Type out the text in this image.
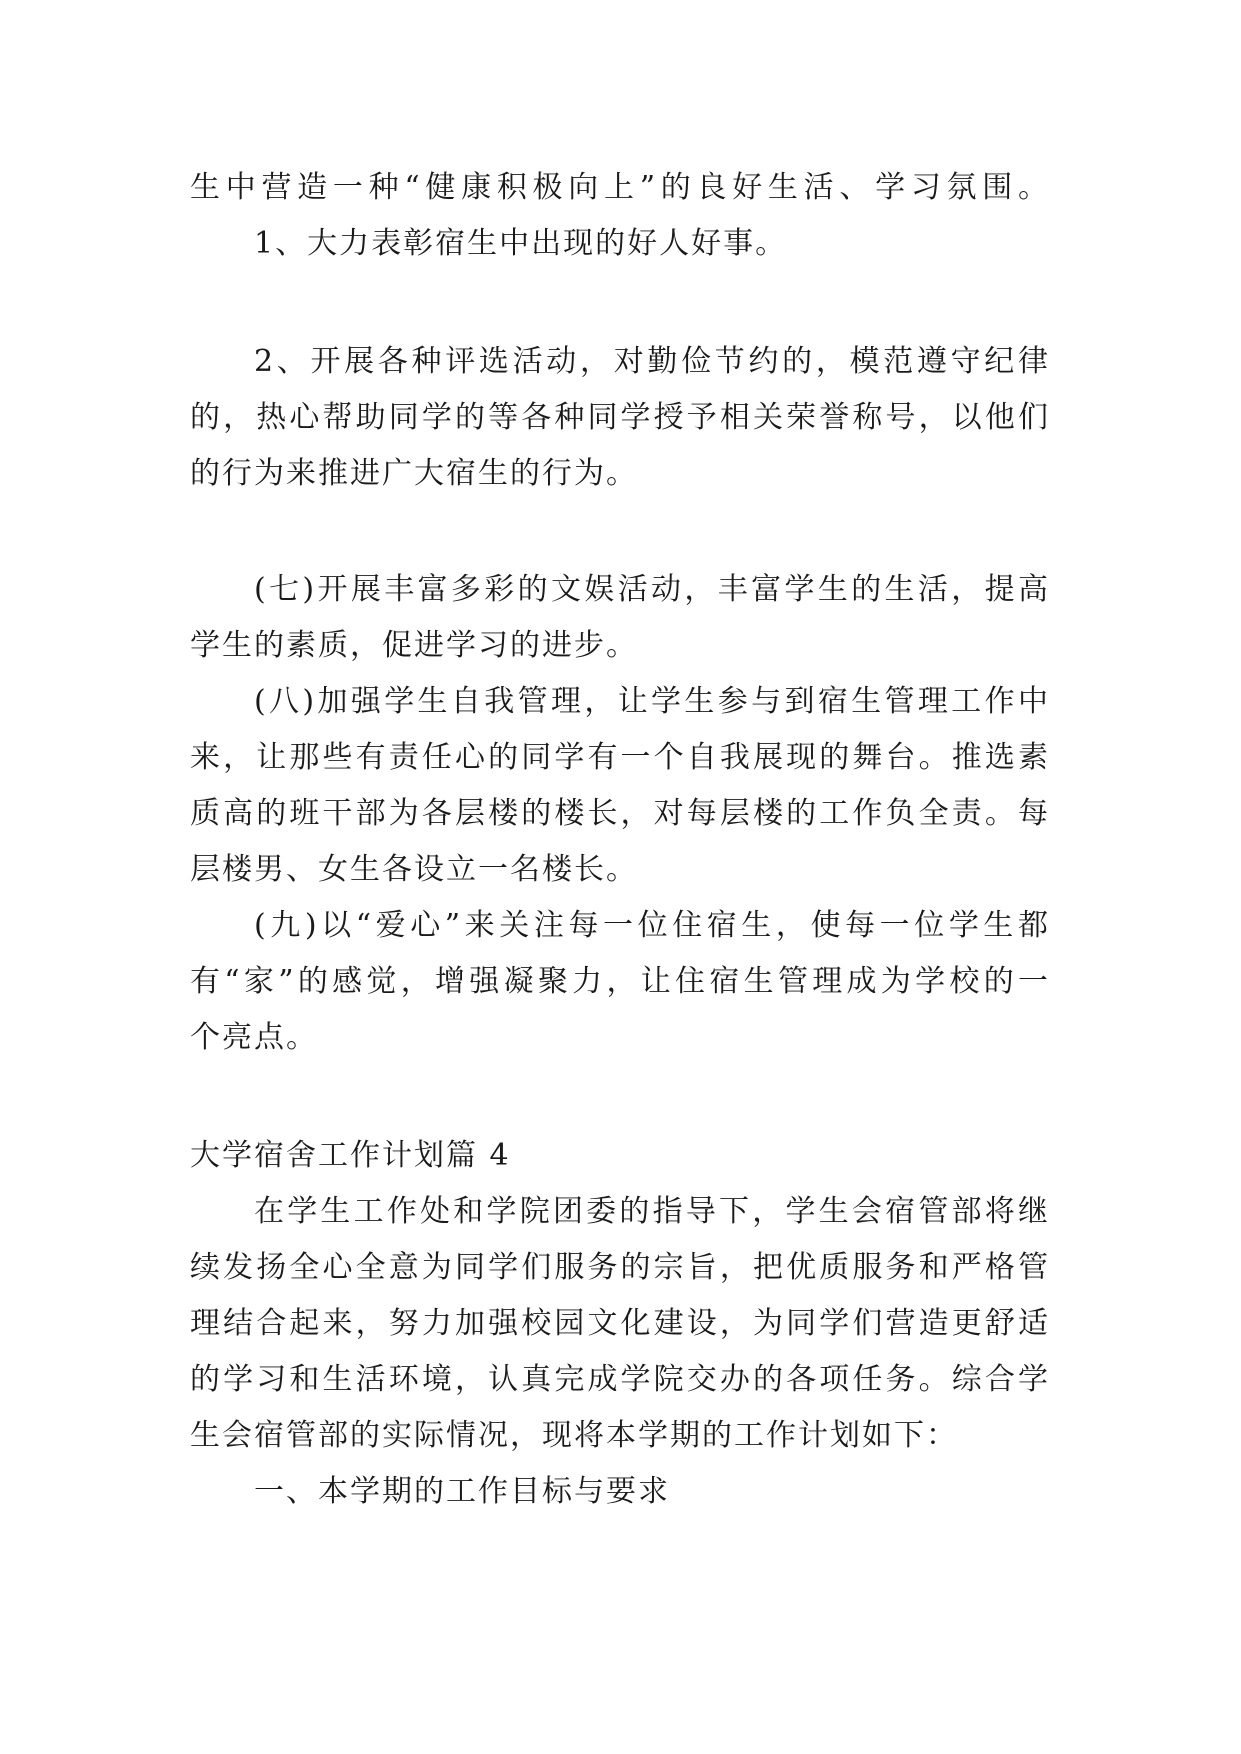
生中营造一种“健康积极向上”的良好生活、学习氛围。
1、大力表彰宿生中出现的好人好事。
2、开展各种评选活动，对勤俭节约的，模范遵守纪律
的，热心帮助同学的等各种同学授予相关荣誉称号，以他们
的行为来推进广大宿生的行为。
(七)开展丰富多彩的文娱活动，丰富学生的生活，提高
学生的素质，促进学习的进步。
(八)加强学生自我管理，让学生参与到宿生管理工作中
来，让那些有责任心的同学有一个自我展现的舞台。推选素
质高的班干部为各层楼的楼长，对每层楼的工作负全责。每
层楼男、女生各设立一名楼长。
(九)以“爱心”来关注每一位住宿生，使每一位学生都
有“家”的感觉，增强凝聚力，让住宿生管理成为学校的一
个亮点。
大学宿舍工作计划篇 4
在学生工作处和学院团委的指导下，学生会宿管部将继
续发扬全心全意为同学们服务的宗旨，把优质服务和严格管
理结合起来，努力加强校园文化建设，为同学们营造更舒适
的学习和生活环境，认真完成学院交办的各项任务。综合学
生会宿管部的实际情况，现将本学期的工作计划如下：
一、本学期的工作目标与要求
